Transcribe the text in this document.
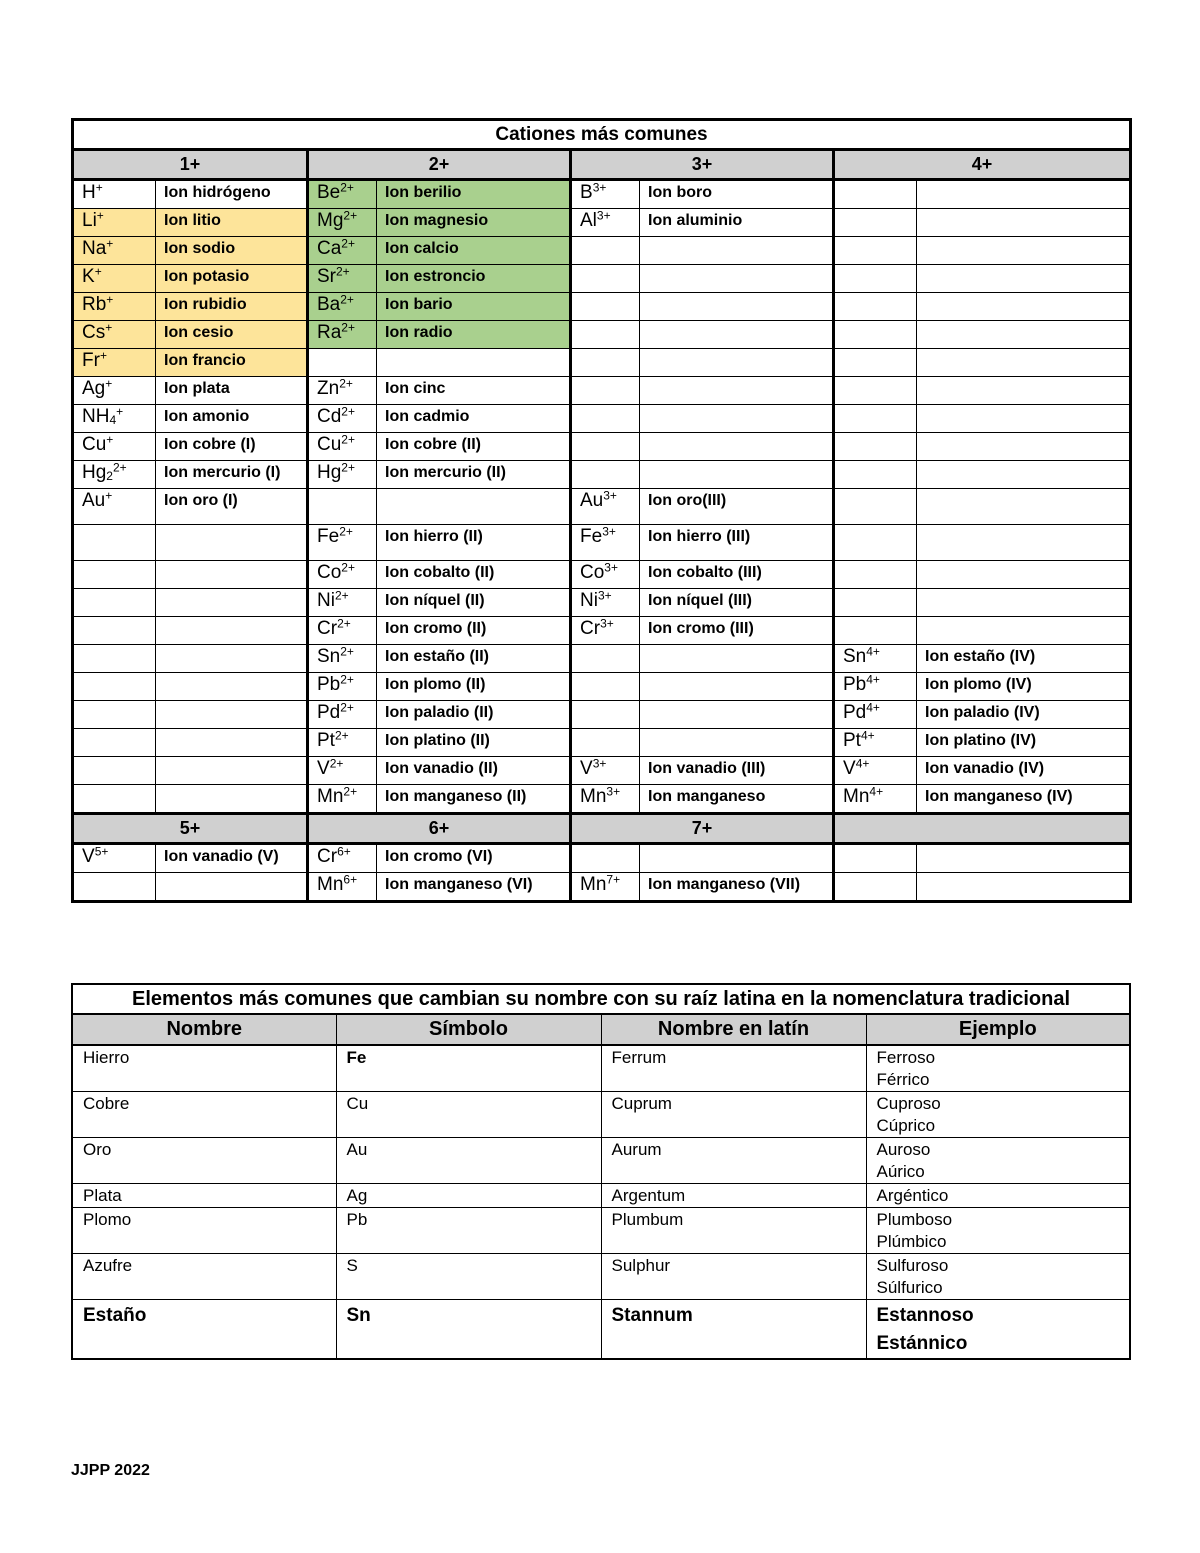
Cationes más comunes							
1+		2+		3+		4+	
H+	Ion hidrógeno	$Be^{2+}$	Ion berilio	$B^{3+}$	Ion boro		
Li+	Ion litio	$Mg^{2+}$	Ion magnesio	$Al^{3+}$	Ion aluminio		
Na+	Ion sodio	$Ca^{2+}$	Ion calcio				
K+	Ion potasio	$Sr^{2+}$	Ion estroncio				
Rb+	Ion rubidio	$Ba^{2+}$	Ion bario				
Cs+	Ion cesio	$Ra^{2+}$	Ion radio				
Fr+	Ion francio						
Ag+	Ion plata	$Zn^{2+}$	Ion cinc				
$NH_4^+$	Ion amonio	$Cd^{2+}$	Ion cadmio				
Cu+	Ion cobre (I)	$Cu^{2+}$	Ion cobre (II)				
$Hg_2^{2+}$	Ion mercurio (I)	$Hg^{2+}$	Ion mercurio (II)				
Au+	Ion oro (I)			$Au^{3+}$	Ion oro(III)		
		$Fe^{2+}$	Ion hierro (II)	$Fe^{3+}$	Ion hierro (III)		
		$Co^{2+}$	Ion cobalto (II)	$Co^{3+}$	Ion cobalto (III)		
		$Ni^{2+}$	Ion níquel (II)	$Ni^{3+}$	Ion níquel (III)		
		$Cr^{2+}$	Ion cromo (II)	$Cr^{3+}$	Ion cromo (III)		
		$Sn^{2+}$	Ion estaño (II)			$Sn^{4+}$	Ion estaño (IV)
		$Pb^{2+}$	Ion plomo (II)			$Pb^{4+}$	Ion plomo (IV)
		$Pd^{2+}$	Ion paladio (II)			$Pd^{4+}$	Ion paladio (IV)
		$Pt^{2+}$	Ion platino (II)			$Pt^{4+}$	Ion platino (IV)
		$V^{2+}$	Ion vanadio (II)	$V^{3+}$	Ion vanadio (III)	$V^{4+}$	Ion vanadio (IV)
		$Mn^{2+}$	Ion manganeso (II)	$Mn^{3+}$	Ion manganeso	$Mn^{4+}$	Ion manganeso (IV)
5+		6+		7+			
$V^{5+}$	Ion vanadio (V)	$Cr^{6+}$	Ion cromo (VI)				
		$Mn^{6+}$	Ion manganeso (VI)	$Mn^{7+}$	Ion manganeso (VII)		
Elementos más comunes que cambian su nombre con su raíz latina en la nomenclatura tradicional			
Nombre	Símbolo	Nombre en latín	Ejemplo
Hierro	Fe	Ferrum	Ferroso
Férrico

Cobre	Cu	Cuprum	Cuproso
Cúprico

Oro	Au	Aurum	Auroso
Aúrico

Plata	Ag	Argentum	Argéntico

Plomo	Pb	Plumbum	Plumboso
Plúmbico

Azufre	S	Sulphur	Sulfuroso
Súlfurico

Estaño	Sn	Stannum	Estannoso
Estánnico
JJPP 2022
